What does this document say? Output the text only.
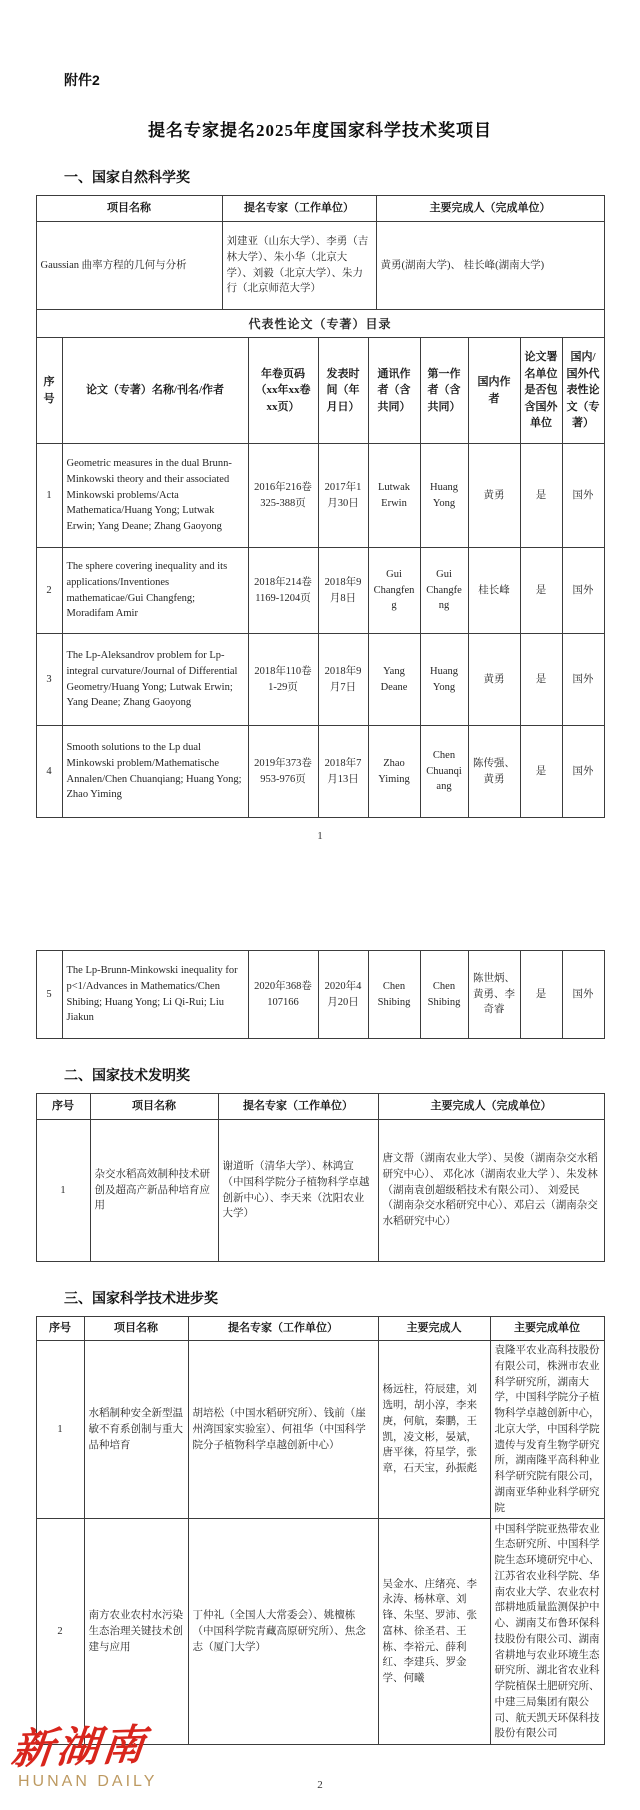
附件2
提名专家提名2025年度国家科学技术奖项目
一、国家自然科学奖
项目名称	提名专家（工作单位）	主要完成人（完成单位）
Gaussian 曲率方程的几何与分析	刘建亚（山东大学）、李勇（吉林大学）、朱小华（北京大学）、刘毅（北京大学）、朱力行（北京师范大学）	黄勇(湖南大学)、 桂长峰(湖南大学)
代表性论文（专著）目录		
序号	论文（专著）名称/刊名/作者	年卷页码（xx年xx卷xx页）	发表时间（年月日）	通讯作者（含共同）	第一作者（含共同）	国内作者	论文署名单位是否包含国外单位	国内/国外代表性论文（专著）
1	Geometric measures in the dual Brunn-Minkowski theory and their associated Minkowski problems/Acta Mathematica/Huang Yong; Lutwak Erwin; Yang Deane; Zhang Gaoyong	2016年216卷325-388页	2017年1月30日	Lutwak Erwin	Huang Yong	黄勇	是	国外
2	The sphere covering inequality and its applications/Inventiones mathematicae/Gui Changfeng; Moradifam Amir	2018年214卷1169-1204页	2018年9月8日	Gui Changfeng	Gui Changfeng	桂长峰	是	国外
3	The Lp-Aleksandrov problem for Lp-integral curvature/Journal of Differential Geometry/Huang Yong; Lutwak Erwin; Yang Deane; Zhang Gaoyong	2018年110卷1-29页	2018年9月7日	Yang Deane	Huang Yong	黄勇	是	国外
4	Smooth solutions to the Lp dual Minkowski problem/Mathematische Annalen/Chen Chuanqiang; Huang Yong; Zhao Yiming	2019年373卷953-976页	2018年7月13日	Zhao Yiming	Chen Chuanqiang	陈传强、黄勇	是	国外
1
5	The Lp-Brunn-Minkowski inequality for p<1/Advances in Mathematics/Chen Shibing; Huang Yong; Li Qi-Rui; Liu Jiakun	2020年368卷107166	2020年4月20日	Chen Shibing	Chen Shibing	陈世炳、黄勇、李奇睿	是	国外
二、国家技术发明奖
序号	项目名称	提名专家（工作单位）	主要完成人（完成单位）
1	杂交水稻高效制种技术研创及超高产新品种培育应用	谢道昕（清华大学）、林鸿宣（中国科学院分子植物科学卓越创新中心）、李天来（沈阳农业大学）	唐文帮（湖南农业大学）、吴俊（湖南杂交水稻研究中心）、 邓化冰（湖南农业大学 ）、朱发林（湖南袁创超级稻技术有限公司）、 刘爱民（湖南杂交水稻研究中心）、邓启云（湖南杂交水稻研究中心）
三、国家科学技术进步奖
序号	项目名称	提名专家（工作单位）	主要完成人	主要完成单位
1	水稻制种安全新型温敏不育系创制与重大品种培育	胡培松（中国水稻研究所）、钱前（崖州湾国家实验室）、何祖华（中国科学院分子植物科学卓越创新中心）	杨远柱，符辰建，刘选明，胡小淳，李来庚，何航，秦鹏，王凯，凌文彬，晏斌，唐平徕，符星学，张章，石天宝，孙振彪	袁隆平农业高科技股份有限公司，株洲市农业科学研究所，湖南大学，中国科学院分子植物科学卓越创新中心，北京大学，中国科学院遗传与发育生物学研究所，湖南隆平高科种业科学研究院有限公司，湖南亚华种业科学研究院
2	南方农业农村水污染生态治理关键技术创建与应用	丁仲礼（全国人大常委会）、姚檀栋（中国科学院青藏高原研究所）、焦念志（厦门大学）	吴金水、庄绪亮、李永涛、杨林章、刘锋、朱坚、罗沛、张富林、徐圣君、王栋、李裕元、薛利红、李建兵、罗金学、何曦	中国科学院亚热带农业生态研究所、中国科学院生态环境研究中心、江苏省农业科学院、华南农业大学、农业农村部耕地质量监测保护中心、湖南艾布鲁环保科技股份有限公司、湖南省耕地与农业环境生态研究所、湖北省农业科学院植保土肥研究所、中建三局集团有限公司、航天凯天环保科技股份有限公司
2
新湖南
HUNAN DAILY
